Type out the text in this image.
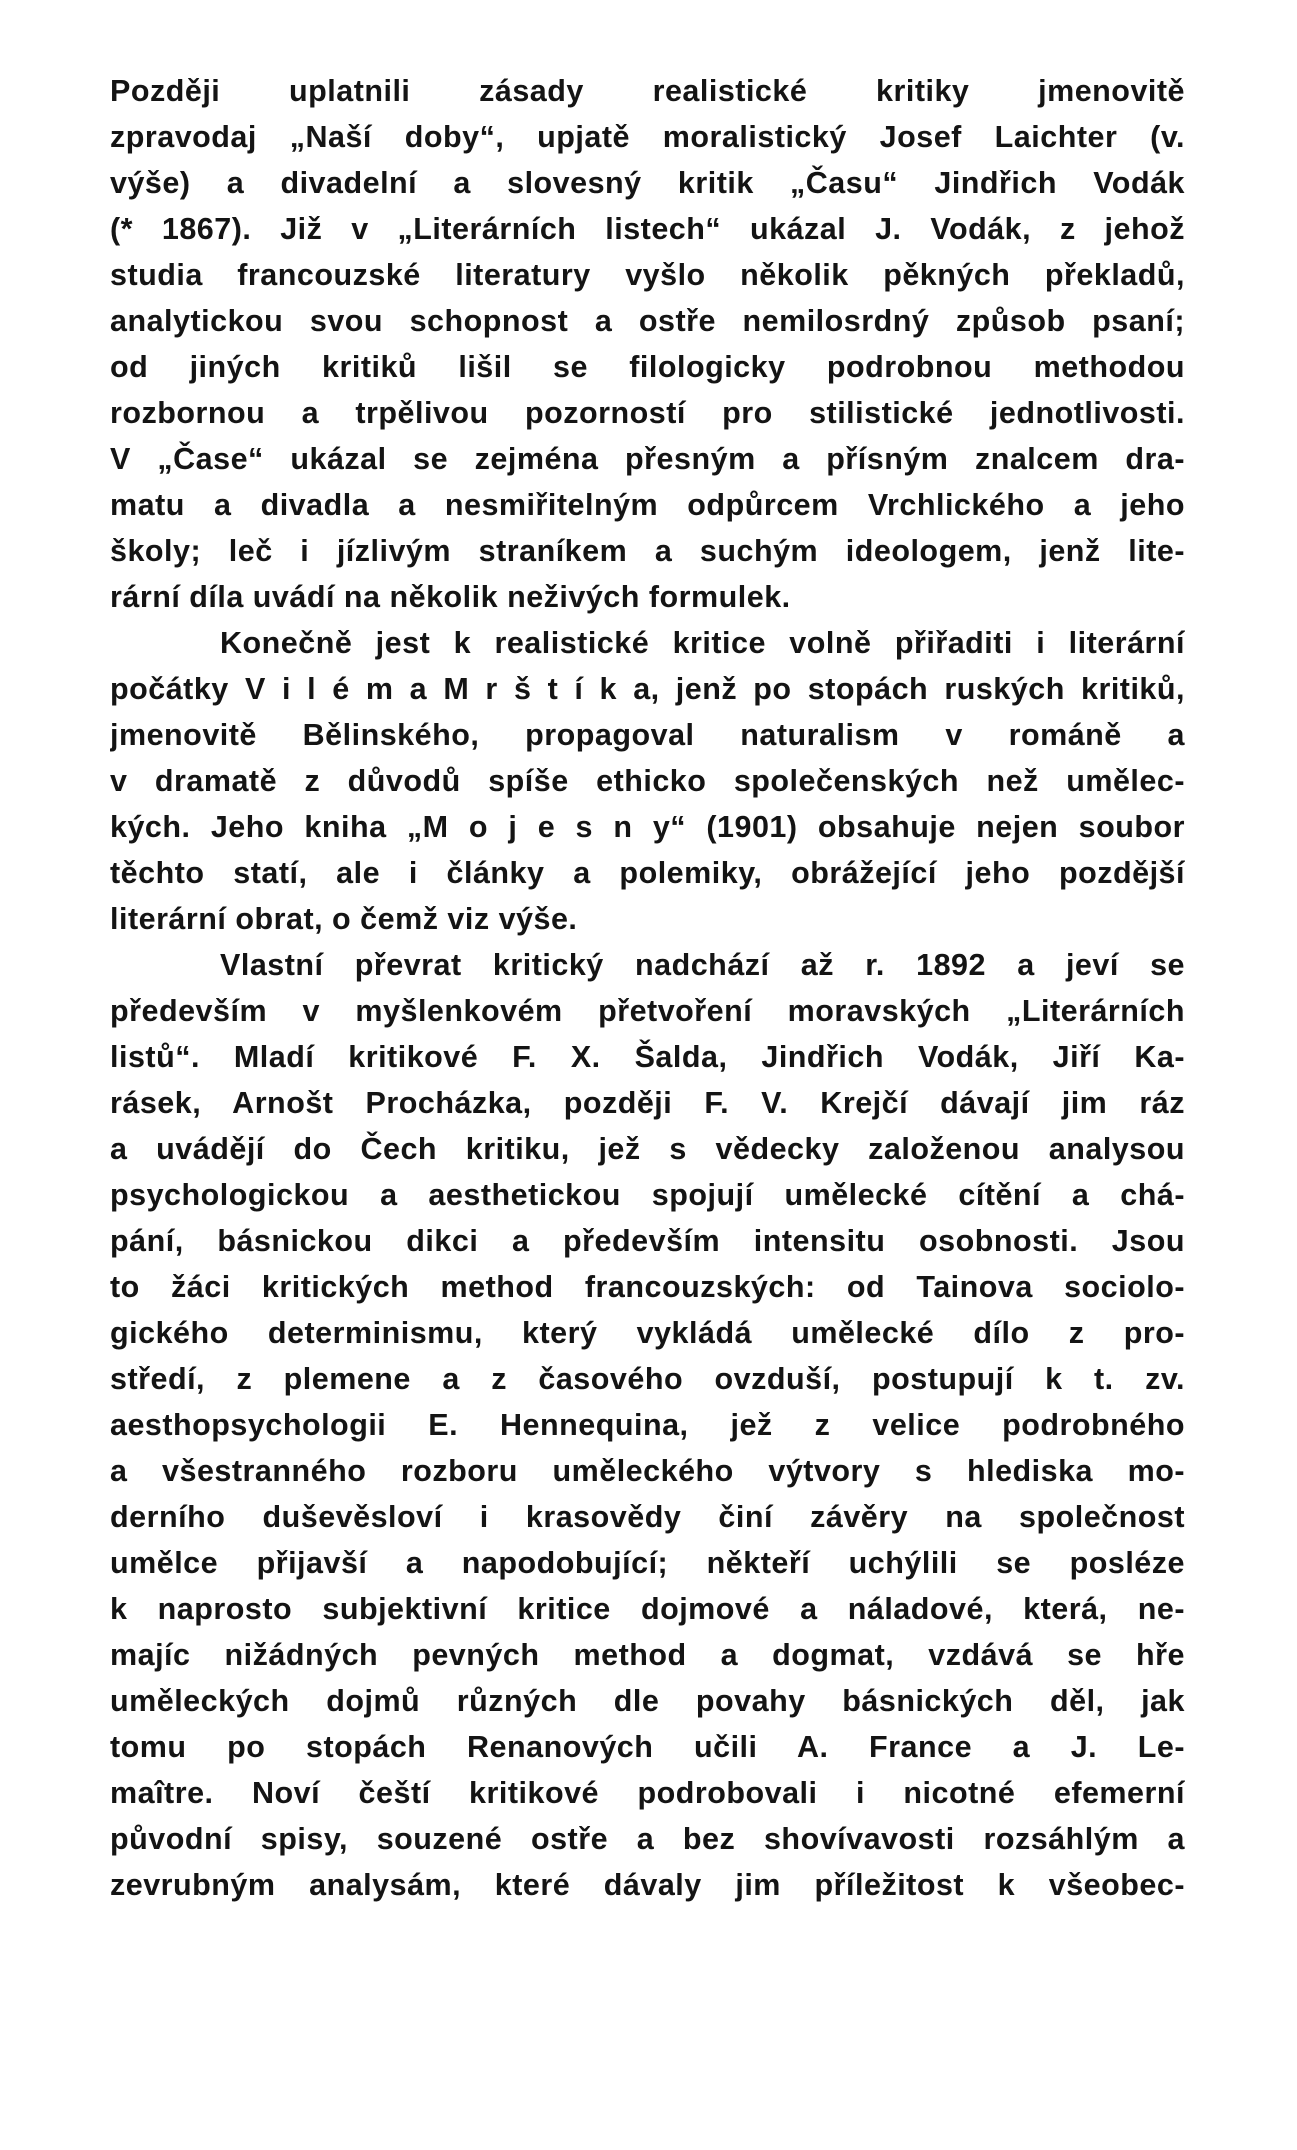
Později uplatnili zásady realistické kritiky jmenovitě
zpravodaj „Naší doby“, upjatě moralistický Josef Laichter (v.
výše) a divadelní a slovesný kritik „Času“ Jindřich Vodák
(* 1867). Již v „Literárních listech“ ukázal J. Vodák, z jehož
studia francouzské literatury vyšlo několik pěkných překladů,
analytickou svou schopnost a ostře nemilosrdný způsob psaní;
od jiných kritiků lišil se filologicky podrobnou methodou
rozbornou a trpělivou pozorností pro stilistické jednotlivosti.
V „Čase“ ukázal se zejména přesným a přísným znalcem dra-
matu a divadla a nesmiřitelným odpůrcem Vrchlického a jeho
školy; leč i jízlivým straníkem a suchým ideologem, jenž lite-
rární díla uvádí na několik neživých formulek.
Konečně jest k realistické kritice volně přiřaditi i literární
počátky V i l é m a M r š t í k a, jenž po stopách ruských kritiků,
jmenovitě Bělinského, propagoval naturalism v románě a
v dramatě z důvodů spíše ethicko společenských než umělec-
kých. Jeho kniha „M o j e s n y“ (1901) obsahuje nejen soubor
těchto statí, ale i články a polemiky, obrážející jeho pozdější
literární obrat, o čemž viz výše.
Vlastní převrat kritický nadchází až r. 1892 a jeví se
především v myšlenkovém přetvoření moravských „Literárních
listů“. Mladí kritikové F. X. Šalda, Jindřich Vodák, Jiří Ka-
rásek, Arnošt Procházka, později F. V. Krejčí dávají jim ráz
a uvádějí do Čech kritiku, jež s vědecky založenou analysou
psychologickou a aesthetickou spojují umělecké cítění a chá-
pání, básnickou dikci a především intensitu osobnosti. Jsou
to žáci kritických method francouzských: od Tainova sociolo-
gického determinismu, který vykládá umělecké dílo z pro-
středí, z plemene a z časového ovzduší, postupují k t. zv.
aesthopsychologii E. Hennequina, jež z velice podrobného
a všestranného rozboru uměleckého výtvory s hlediska mo-
derního duševěsloví i krasovědy činí závěry na společnost
umělce přijavší a napodobující; někteří uchýlili se posléze
k naprosto subjektivní kritice dojmové a náladové, která, ne-
majíc nižádných pevných method a dogmat, vzdává se hře
uměleckých dojmů různých dle povahy básnických děl, jak
tomu po stopách Renanových učili A. France a J. Le-
maître. Noví čeští kritikové podrobovali i nicotné efemerní
původní spisy, souzené ostře a bez shovívavosti rozsáhlým a
zevrubným analysám, které dávaly jim příležitost k všeobec-
